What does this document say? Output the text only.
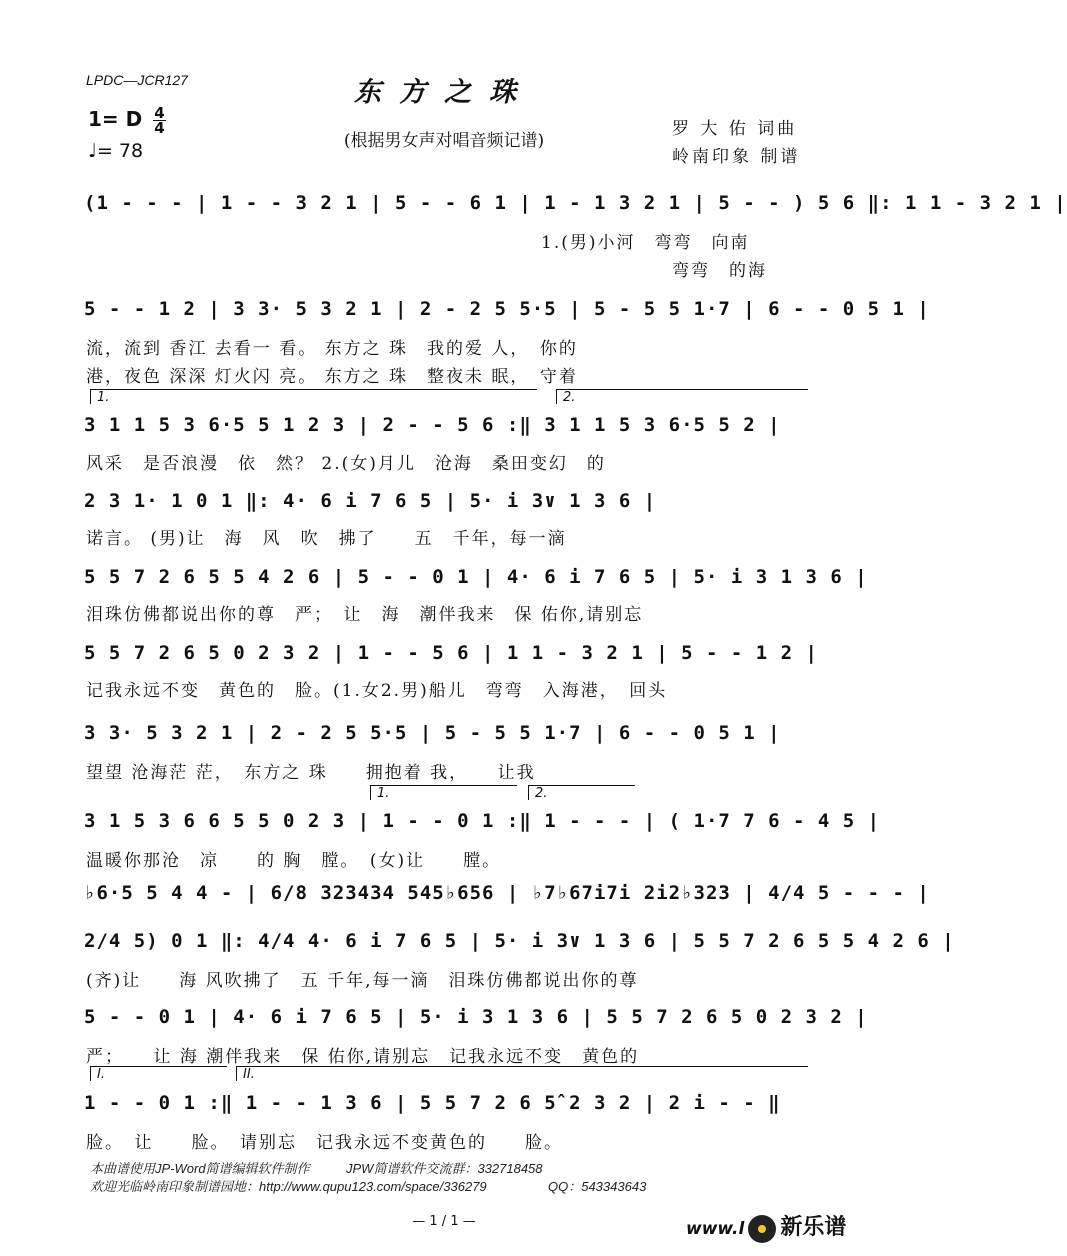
LPDC—JCR127	东方之珠
1= D $\frac{4}{4}$
♩= 78	(根据男女声对唱音频记谱)
罗 大 佑 词曲
岭南印象 制谱
(1 - - - | 1 - - 3 2 1 | 5 - - 6 1 | 1 - 1 3 2 1 | 5 - - ) 5 6 ‖: 1 1 - 3 2 1 |
1.(男)小河　弯弯　向南
弯弯　的海
5 - - 1 2 | 3 3· 5 3 2 1 | 2 - 2 5 5·5 | 5 - 5 5 1·7 | 6 - - 0 5 1 |
流，流到 香江 去看一 看。 东方之 珠　我的爱 人，　你的
港，夜色 深深 灯火闪 亮。 东方之 珠　整夜未 眠，　守着
1.	2.
3 1 1 5 3 6·5 5 1 2 3 | 2 - - 5 6 :‖ 3 1 1 5 3 6·5 5 2 |
风采　是否浪漫　依　然？ 2.(女)月儿　沧海　桑田变幻　的
2 3 1· 1 0 1 ‖: 4· 6 i 7 6 5 | 5· i 3∨ 1 3 6 |
诺言。 (男)让　海　风　吹　拂了　　五　千年，每一滴
5 5 7 2 6 5 5 4 2 6 | 5 - - 0 1 | 4· 6 i 7 6 5 | 5· i 3 1 3 6 |
泪珠仿佛都说出你的尊　严；　让　海　潮伴我来　保 佑你,请别忘
5 5 7 2 6 5 0 2 3 2 | 1 - - 5 6 | 1 1 - 3 2 1 | 5 - - 1 2 |
记我永远不变　黄色的　脸。(1.女2.男)船儿　弯弯　入海港，　回头
3 3· 5 3 2 1 | 2 - 2 5 5·5 | 5 - 5 5 1·7 | 6 - - 0 5 1 |
望望 沧海茫 茫，　东方之 珠　　拥抱着 我，　　让我
1.	2.
3 1 5 3 6 6 5 5 0 2 3 | 1 - - 0 1 :‖ 1 - - - | ( 1·7 7 6 - 4 5 |
温暖你那沧　凉　　的 胸　膛。　(女)让　　膛。
♭6·5 5 4 4 - | 6/8 323434 545♭656 | ♭7♭67i7i 2i2♭323 | 4/4 5 - - - |
2/4 5) 0 1 ‖: 4/4 4· 6 i 7 6 5 | 5· i 3∨ 1 3 6 | 5 5 7 2 6 5 5 4 2 6 |
(齐)让　　海 风吹拂了　五 千年,每一滴　泪珠仿佛都说出你的尊
5 - - 0 1 | 4· 6 i 7 6 5 | 5· i 3 1 3 6 | 5 5 7 2 6 5 0 2 3 2 |
严；　　让 海 潮伴我来　保 佑你,请别忘　记我永远不变　黄色的
I.	II.
1 - - 0 1 :‖ 1 - - 1 3 6 | 5 5 7 2 6 5̂ 2 3 2 | 2 i - - ‖
脸。　让　　脸。　请别忘　记我永远不变黄色的　　脸。
本曲谱使用JP-Word简谱编辑软件制作	JPW简谱软件交流群：332718458
欢迎光临岭南印象制谱园地：http://www.qupu123.com/space/336279	QQ：543343643
— 1 / 1 —	www.l 新乐谱
